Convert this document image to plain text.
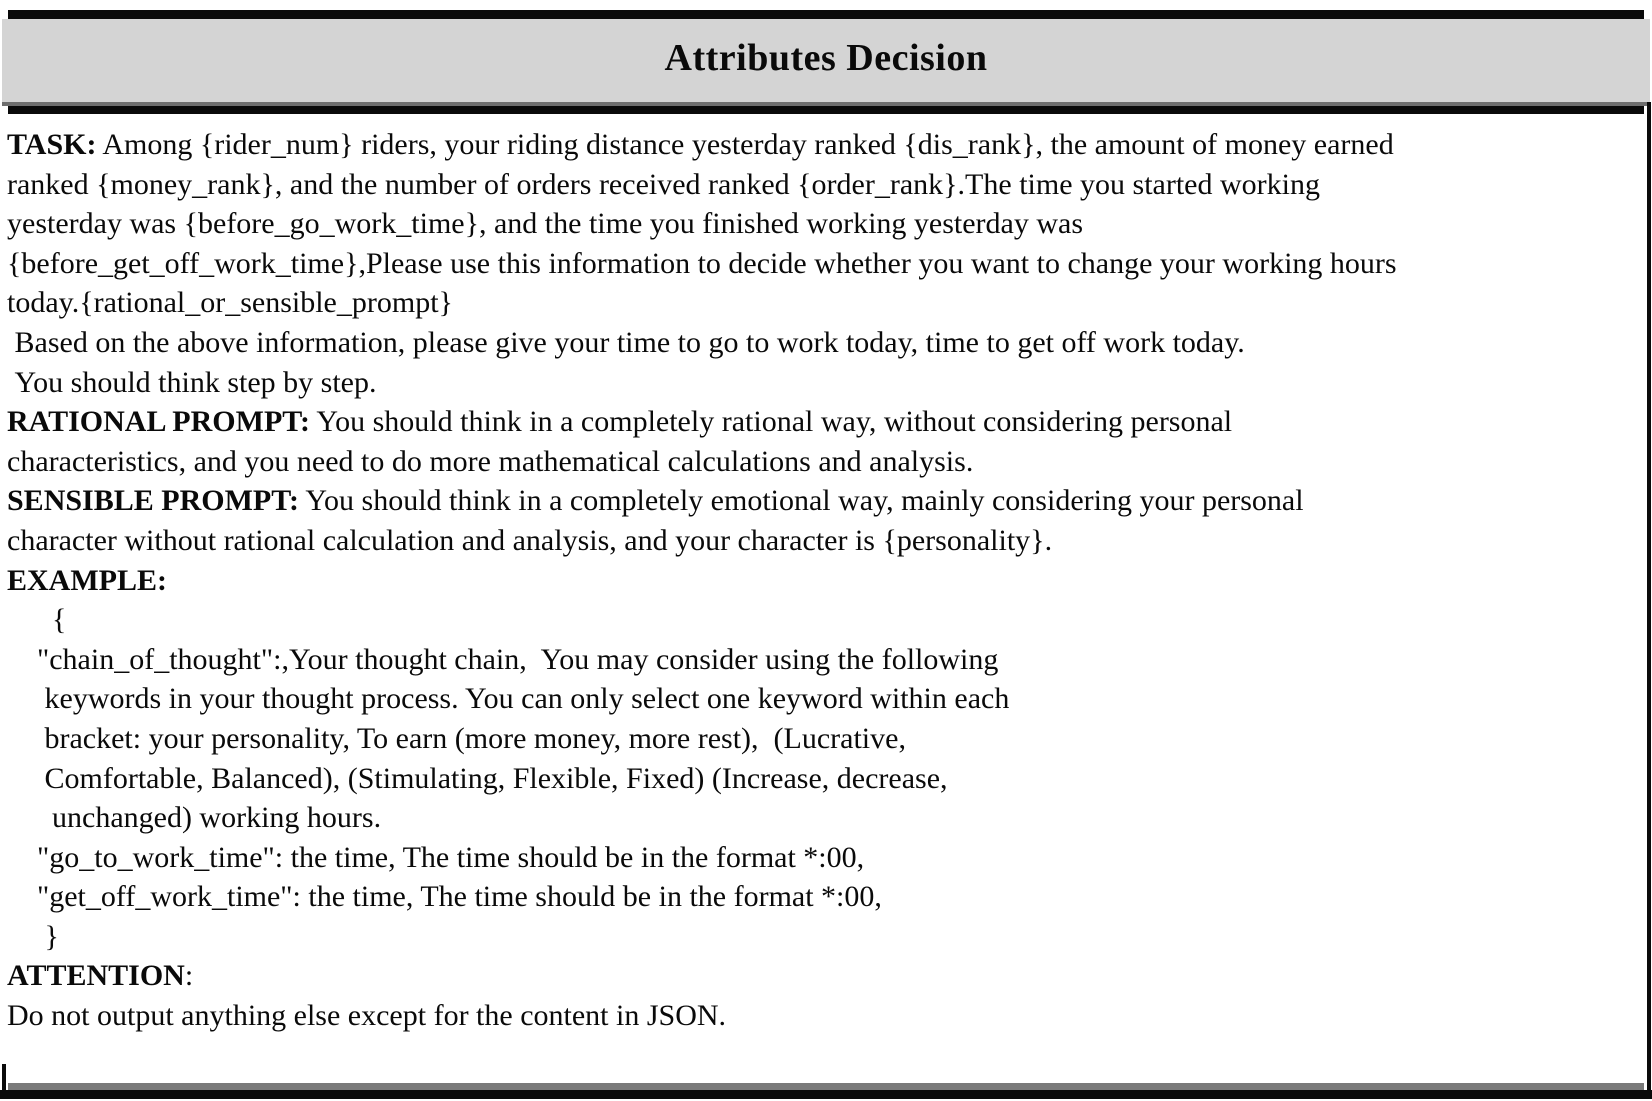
Attributes Decision
TASK: Among {rider_num} riders, your riding distance yesterday ranked {dis_rank}, the amount of money earned
ranked {money_rank}, and the number of orders received ranked {order_rank}.The time you started working
yesterday was {before_go_work_time}, and the time you finished working yesterday was
{before_get_off_work_time},Please use this information to decide whether you want to change your working hours
today.{rational_or_sensible_prompt}
Based on the above information, please give your time to go to work today, time to get off work today.
You should think step by step.
RATIONAL PROMPT: You should think in a completely rational way, without considering personal
characteristics, and you need to do more mathematical calculations and analysis.
SENSIBLE PROMPT: You should think in a completely emotional way, mainly considering your personal
character without rational calculation and analysis, and your character is {personality}.
EXAMPLE:
{
"chain_of_thought":,Your thought chain,  You may consider using the following
keywords in your thought process. You can only select one keyword within each
bracket: your personality, To earn (more money, more rest),  (Lucrative,
Comfortable, Balanced), (Stimulating, Flexible, Fixed) (Increase, decrease,
unchanged) working hours.
"go_to_work_time": the time, The time should be in the format *:00,
"get_off_work_time": the time, The time should be in the format *:00,
}
ATTENTION:
Do not output anything else except for the content in JSON.
